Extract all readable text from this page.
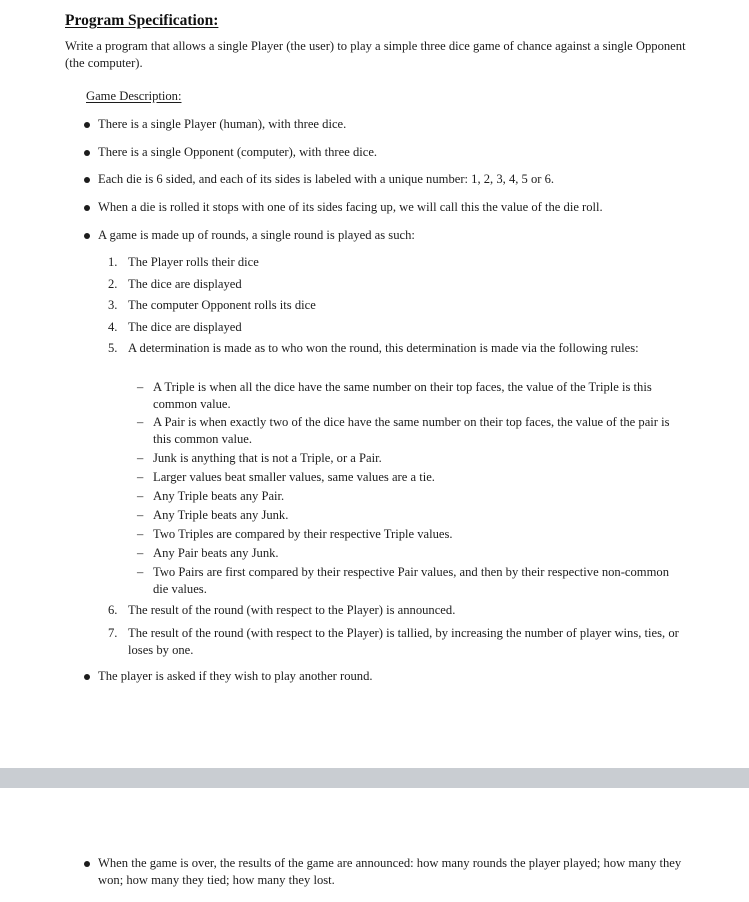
Program Specification:
Write a program that allows a single Player (the user) to play a simple three dice game of chance against a single Opponent (the computer).
Game Description:
There is a single Player (human), with three dice.
There is a single Opponent (computer), with three dice.
Each die is 6 sided, and each of its sides is labeled with a unique number: 1, 2, 3, 4, 5 or 6.
When a die is rolled it stops with one of its sides facing up, we will call this the value of the die roll.
A game is made up of rounds, a single round is played as such:
1. The Player rolls their dice
2. The dice are displayed
3. The computer Opponent rolls its dice
4. The dice are displayed
5. A determination is made as to who won the round, this determination is made via the following rules:
– A Triple is when all the dice have the same number on their top faces, the value of the Triple is this common value.
– A Pair is when exactly two of the dice have the same number on their top faces, the value of the pair is this common value.
– Junk is anything that is not a Triple, or a Pair.
– Larger values beat smaller values, same values are a tie.
– Any Triple beats any Pair.
– Any Triple beats any Junk.
– Two Triples are compared by their respective Triple values.
– Any Pair beats any Junk.
– Two Pairs are first compared by their respective Pair values, and then by their respective non-common die values.
6. The result of the round (with respect to the Player) is announced.
7. The result of the round (with respect to the Player) is tallied, by increasing the number of player wins, ties, or loses by one.
The player is asked if they wish to play another round.
When the game is over, the results of the game are announced: how many rounds the player played; how many they won; how many they tied; how many they lost.
